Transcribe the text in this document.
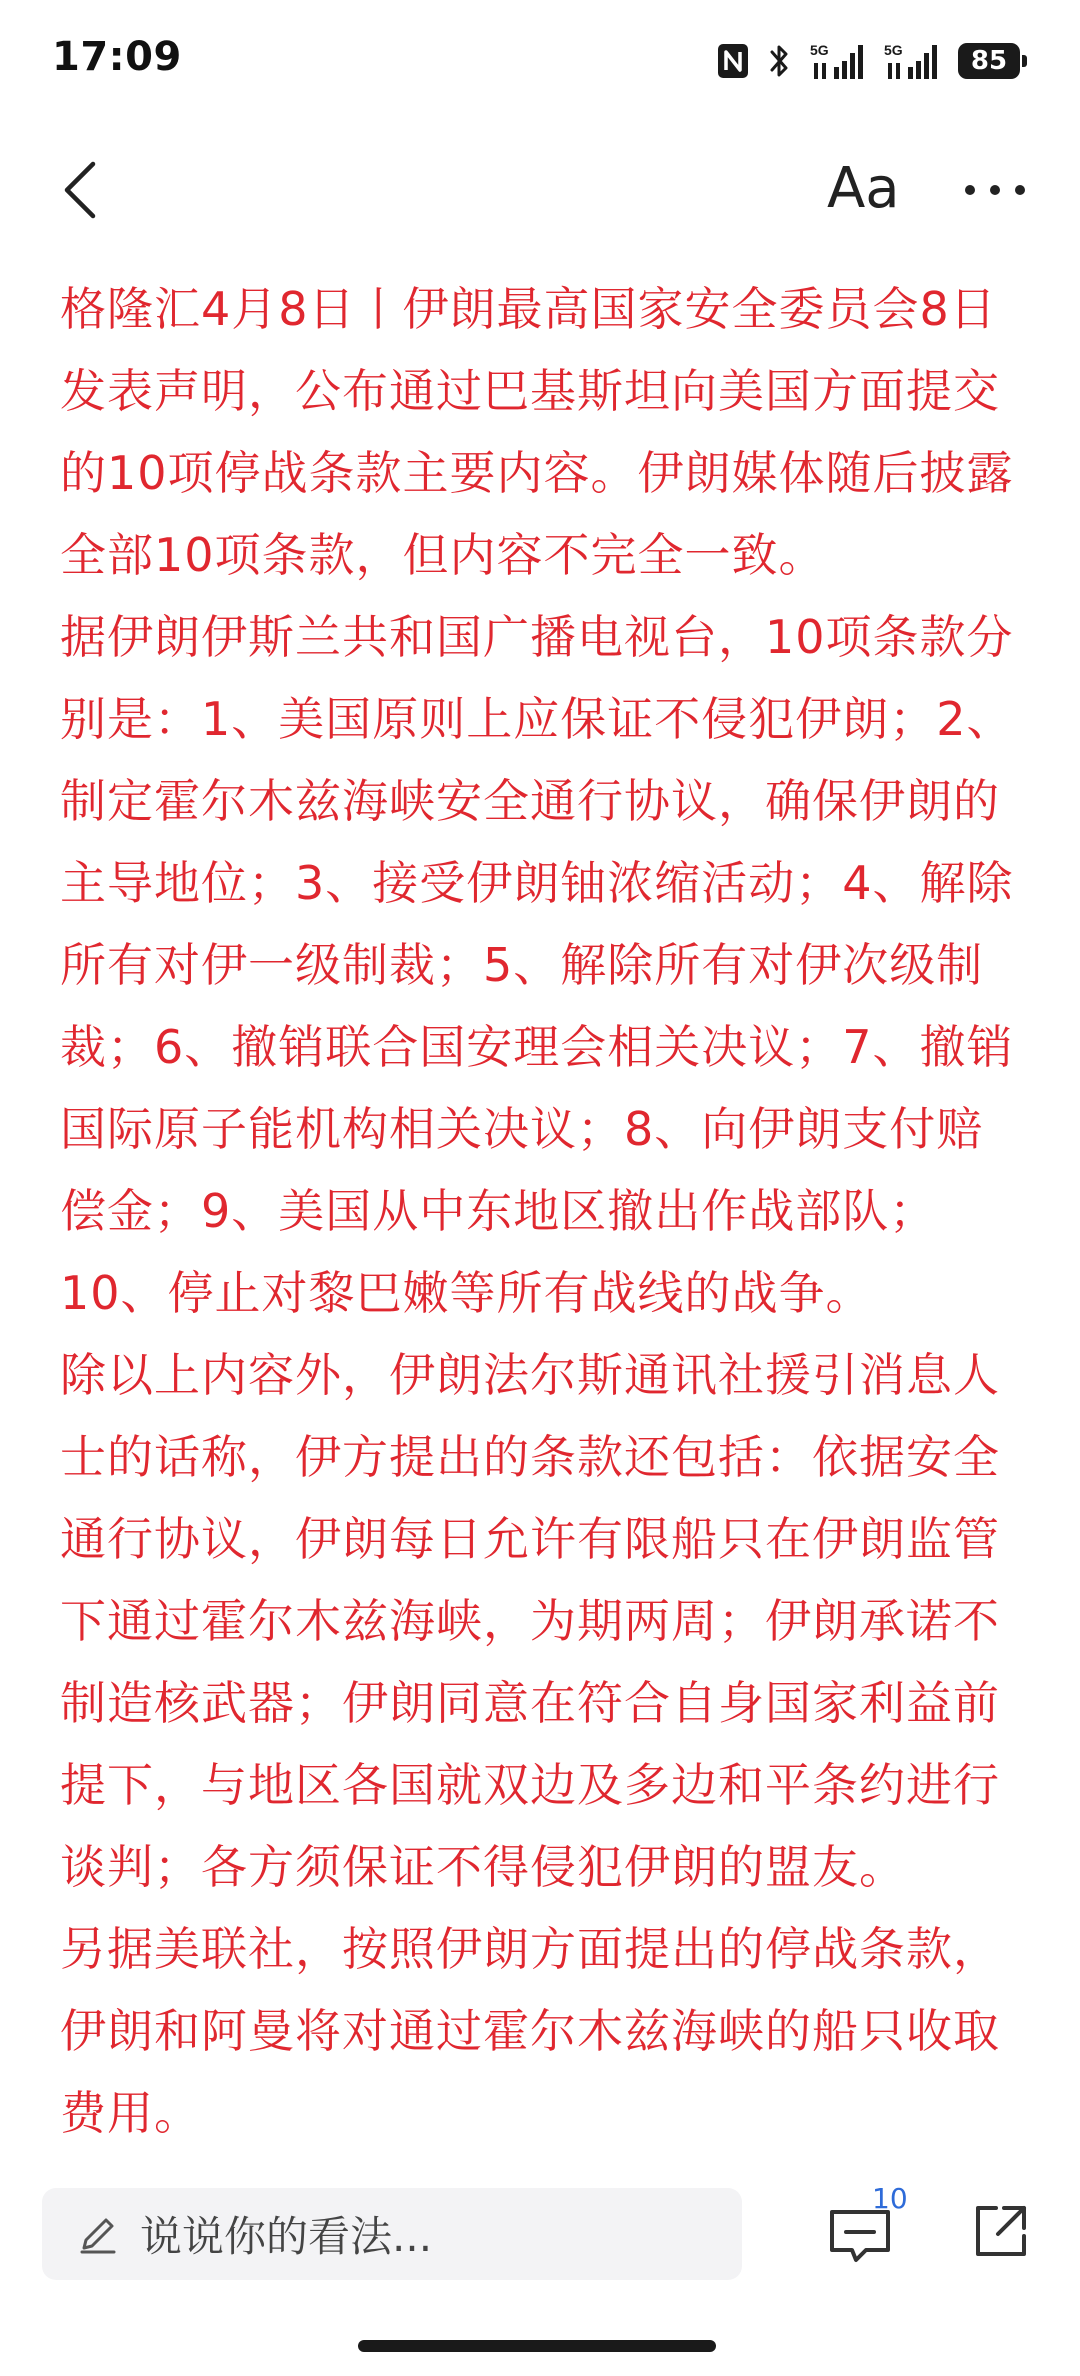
17:09	5G	5G	85
Aa

格隆汇4月8日丨伊朗最高国家安全委员会8日发表声明，公布通过巴基斯坦向美国方面提交的10项停战条款主要内容。伊朗媒体随后披露全部10项条款，但内容不完全一致。

据伊朗伊斯兰共和国广播电视台，10项条款分别是：1、美国原则上应保证不侵犯伊朗；2、制定霍尔木兹海峡安全通行协议，确保伊朗的主导地位；3、接受伊朗铀浓缩活动；4、解除所有对伊一级制裁；5、解除所有对伊次级制裁；6、撤销联合国安理会相关决议；7、撤销国际原子能机构相关决议；8、向伊朗支付赔偿金；9、美国从中东地区撤出作战部队；10、停止对黎巴嫩等所有战线的战争。

除以上内容外，伊朗法尔斯通讯社援引消息人士的话称，伊方提出的条款还包括：依据安全通行协议，伊朗每日允许有限船只在伊朗监管下通过霍尔木兹海峡，为期两周；伊朗承诺不制造核武器；伊朗同意在符合自身国家利益前提下，与地区各国就双边及多边和平条约进行谈判；各方须保证不得侵犯伊朗的盟友。

另据美联社，按照伊朗方面提出的停战条款，伊朗和阿曼将对通过霍尔木兹海峡的船只收取费用。

说说你的看法...
10
